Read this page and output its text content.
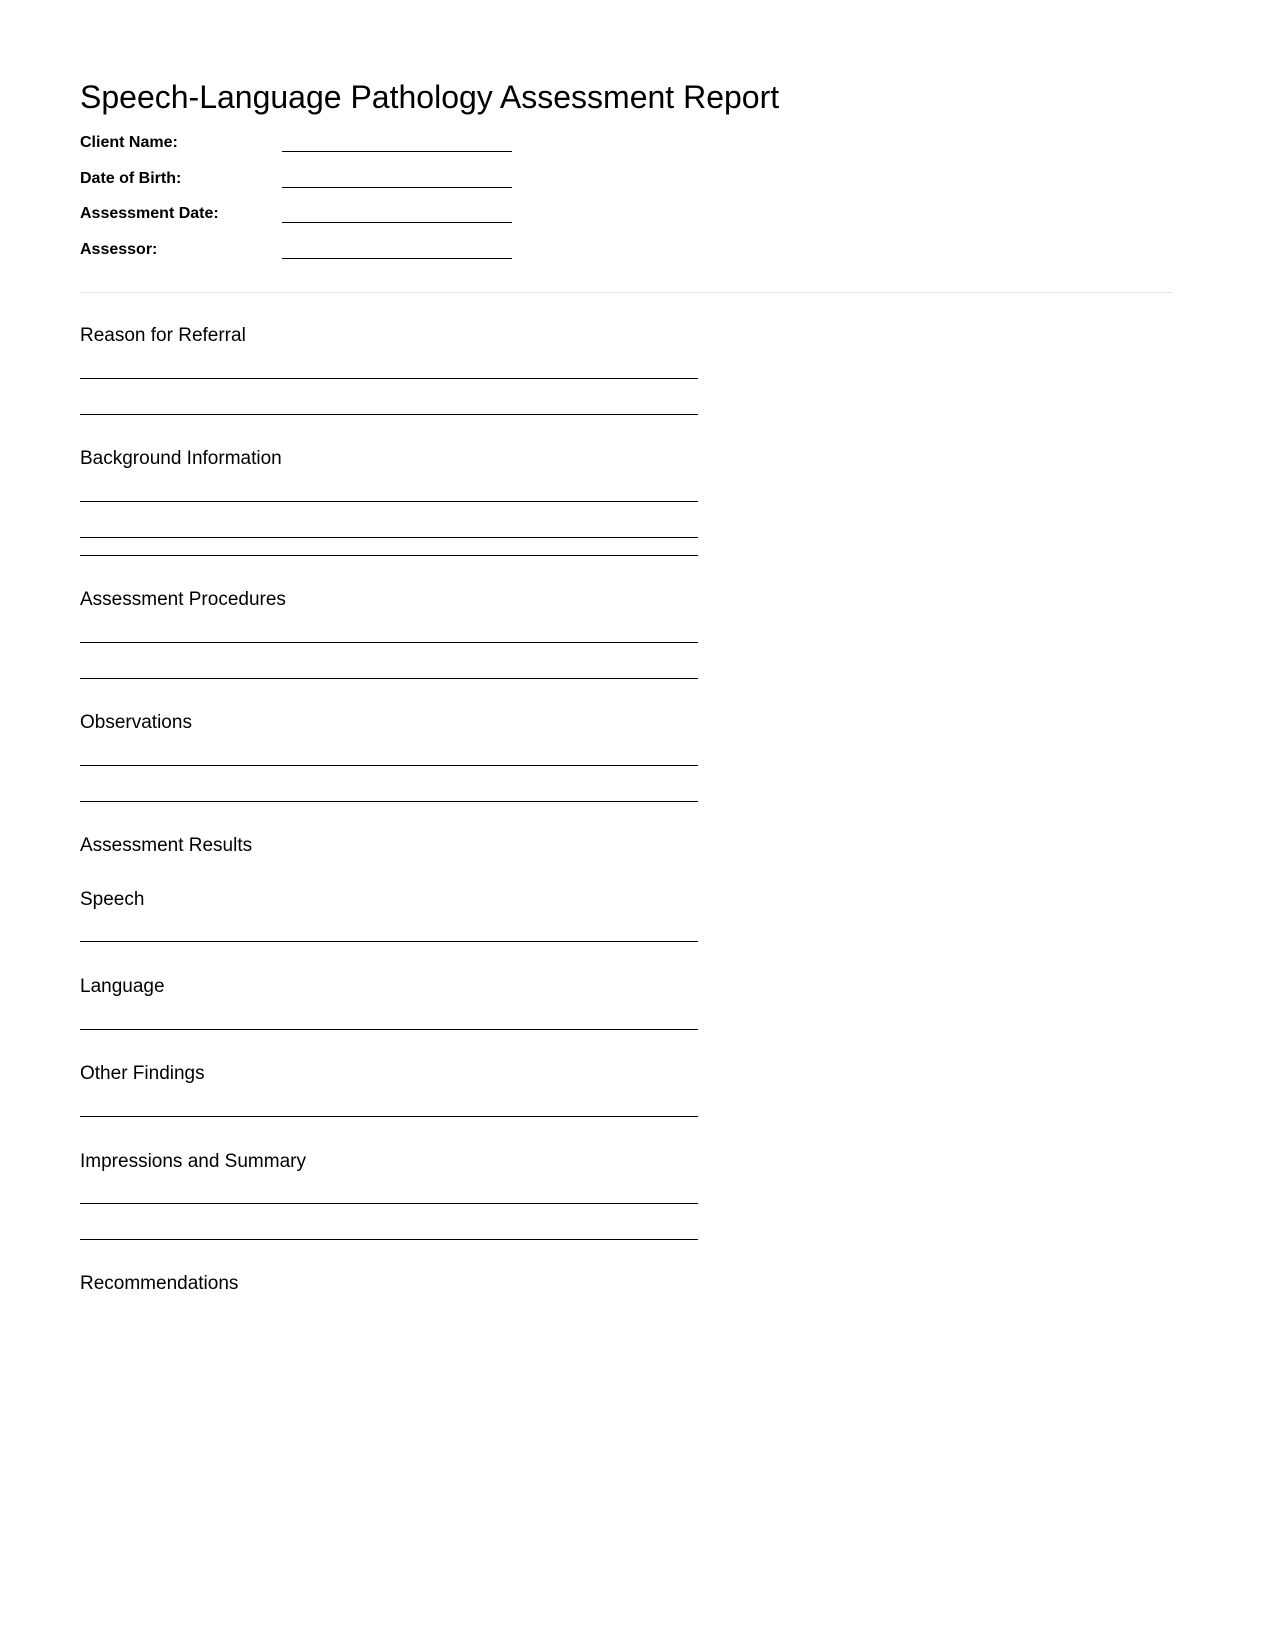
Speech-Language Pathology Assessment Report
Client Name:
Date of Birth:
Assessment Date:
Assessor:
Reason for Referral
Background Information
Assessment Procedures
Observations
Assessment Results
Speech
Language
Other Findings
Impressions and Summary
Recommendations
